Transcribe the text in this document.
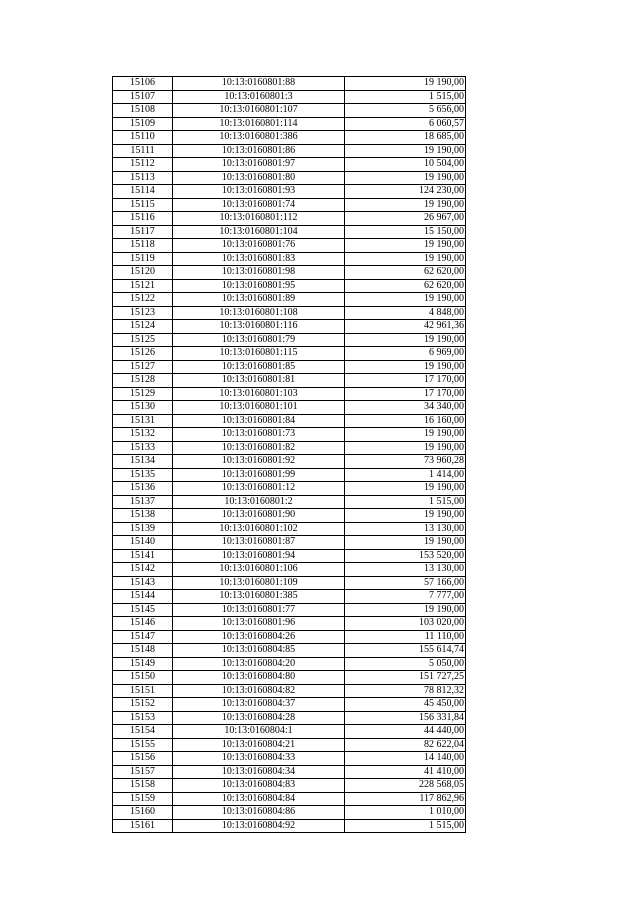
15106	10:13:0160801:88	19 190,00
15107	10:13:0160801:3	1 515,00
15108	10:13:0160801:107	5 656,00
15109	10:13:0160801:114	6 060,57
15110	10:13:0160801:386	18 685,00
15111	10:13:0160801:86	19 190,00
15112	10:13:0160801:97	10 504,00
15113	10:13:0160801:80	19 190,00
15114	10:13:0160801:93	124 230,00
15115	10:13:0160801:74	19 190,00
15116	10:13:0160801:112	26 967,00
15117	10:13:0160801:104	15 150,00
15118	10:13:0160801:76	19 190,00
15119	10:13:0160801:83	19 190,00
15120	10:13:0160801:98	62 620,00
15121	10:13:0160801:95	62 620,00
15122	10:13:0160801:89	19 190,00
15123	10:13:0160801:108	4 848,00
15124	10:13:0160801:116	42 961,36
15125	10:13:0160801:79	19 190,00
15126	10:13:0160801:115	6 969,00
15127	10:13:0160801:85	19 190,00
15128	10:13:0160801:81	17 170,00
15129	10:13:0160801:103	17 170,00
15130	10:13:0160801:101	34 340,00
15131	10:13:0160801:84	16 160,00
15132	10:13:0160801:73	19 190,00
15133	10:13:0160801:82	19 190,00
15134	10:13:0160801:92	73 960,28
15135	10:13:0160801:99	1 414,00
15136	10:13:0160801:12	19 190,00
15137	10:13:0160801:2	1 515,00
15138	10:13:0160801:90	19 190,00
15139	10:13:0160801:102	13 130,00
15140	10:13:0160801:87	19 190,00
15141	10:13:0160801:94	153 520,00
15142	10:13:0160801:106	13 130,00
15143	10:13:0160801:109	57 166,00
15144	10:13:0160801:385	7 777,00
15145	10:13:0160801:77	19 190,00
15146	10:13:0160801:96	103 020,00
15147	10:13:0160804:26	11 110,00
15148	10:13:0160804:85	155 614,74
15149	10:13:0160804:20	5 050,00
15150	10:13:0160804:80	151 727,25
15151	10:13:0160804:82	78 812,32
15152	10:13:0160804:37	45 450,00
15153	10:13:0160804:28	156 331,84
15154	10:13:0160804:1	44 440,00
15155	10:13:0160804:21	82 622,04
15156	10:13:0160804:33	14 140,00
15157	10:13:0160804:34	41 410,00
15158	10:13:0160804:83	228 568,05
15159	10:13:0160804:84	117 862,96
15160	10:13:0160804:86	1 010,00
15161	10:13:0160804:92	1 515,00
